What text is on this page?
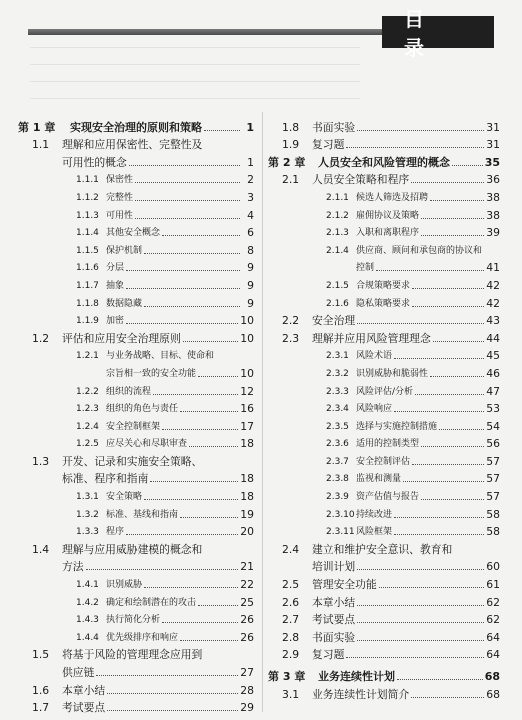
目 录
第 1 章	实现安全治理的原则和策略	1
1.1	理解和应用保密性、完整性及
可用性的概念	1
1.1.1 保密性	2
1.1.2 完整性	3
1.1.3 可用性	4
1.1.4 其他安全概念	6
1.1.5 保护机制	8
1.1.6 分层	9
1.1.7 抽象	9
1.1.8 数据隐藏	9
1.1.9 加密	10
1.2	评估和应用安全治理原则	10
1.2.1 与业务战略、目标、使命和
宗旨相一致的安全功能	10
1.2.2 组织的流程	12
1.2.3 组织的角色与责任	16
1.2.4 安全控制框架	17
1.2.5 应尽关心和尽职审查	18
1.3	开发、记录和实施安全策略、
标准、程序和指南	18
1.3.1 安全策略	18
1.3.2 标准、基线和指南	19
1.3.3 程序	20
1.4	理解与应用威胁建模的概念和
方法	21
1.4.1 识别威胁	22
1.4.2 确定和绘制潜在的攻击	25
1.4.3 执行简化分析	26
1.4.4 优先级排序和响应	26
1.5	将基于风险的管理理念应用到
供应链	27
1.6	本章小结	28
1.7	考试要点	29
1.8	书面实验	31
1.9	复习题	31
第 2 章	人员安全和风险管理的概念	35
2.1	人员安全策略和程序	36
2.1.1 候选人筛选及招聘	38
2.1.2 雇佣协议及策略	38
2.1.3 入职和离职程序	39
2.1.4 供应商、顾问和承包商的协议和
控制	41
2.1.5 合规策略要求	42
2.1.6 隐私策略要求	42
2.2	安全治理	43
2.3	理解并应用风险管理理念	44
2.3.1 风险术语	45
2.3.2 识别威胁和脆弱性	46
2.3.3 风险评估/分析	47
2.3.4 风险响应	53
2.3.5 选择与实施控制措施	54
2.3.6 适用的控制类型	56
2.3.7 安全控制评估	57
2.3.8 监视和测量	57
2.3.9 资产估值与报告	57
2.3.10 持续改进	58
2.3.11 风险框架	58
2.4	建立和维护安全意识、教育和
培训计划	60
2.5	管理安全功能	61
2.6	本章小结	62
2.7	考试要点	62
2.8	书面实验	64
2.9	复习题	64
第 3 章	业务连续性计划	68
3.1	业务连续性计划简介	68
